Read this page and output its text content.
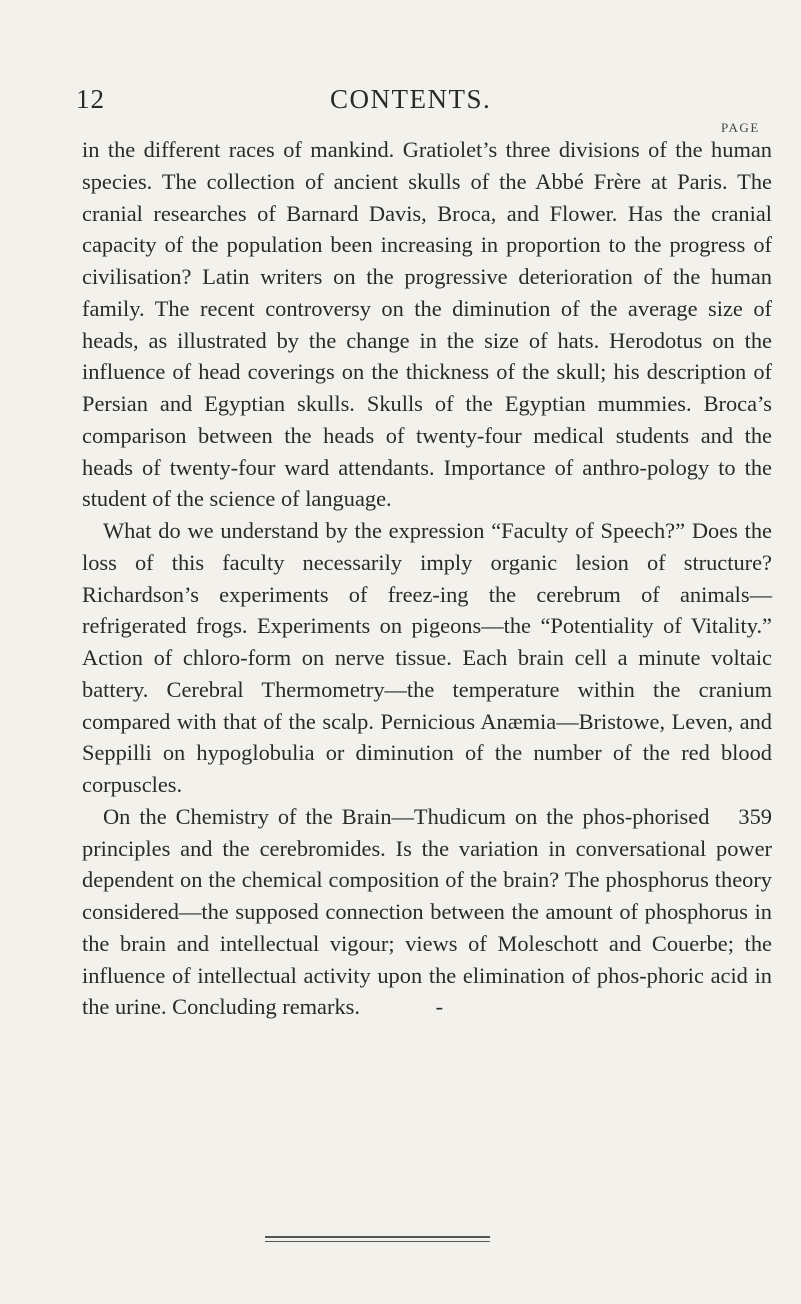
12	CONTENTS.
PAGE

in the different races of mankind. Gratiolet’s three divisions of the human species. The collection of ancient skulls of the Abbé Frère at Paris. The cranial researches of Barnard Davis, Broca, and Flower. Has the cranial capacity of the population been increasing in proportion to the progress of civilisation? Latin writers on the progressive deterioration of the human family. The recent controversy on the diminution of the average size of heads, as illustrated by the change in the size of hats. Herodotus on the influence of head coverings on the thickness of the skull; his description of Persian and Egyptian skulls. Skulls of the Egyptian mummies. Broca’s comparison between the heads of twenty-four medical students and the heads of twenty-four ward attendants. Importance of anthro-pology to the student of the science of language.

What do we understand by the expression “Faculty of Speech?” Does the loss of this faculty necessarily imply organic lesion of structure? Richardson’s experiments of freez-ing the cerebrum of animals—refrigerated frogs. Experiments on pigeons—the “Potentiality of Vitality.” Action of chloro-form on nerve tissue. Each brain cell a minute voltaic battery. Cerebral Thermometry—the temperature within the cranium compared with that of the scalp. Pernicious Anæmia—Bristowe, Leven, and Seppilli on hypoglobulia or diminution of the number of the red blood corpuscles.

359
On the Chemistry of the Brain—Thudicum on the phos-phorised principles and the cerebromides. Is the variation in conversational power dependent on the chemical composition of the brain? The phosphorus theory considered—the supposed connection between the amount of phosphorus in the brain and intellectual vigour; views of Moleschott and Couerbe; the influence of intellectual activity upon the elimination of phos-phoric acid in the urine. Concluding remarks.	-
